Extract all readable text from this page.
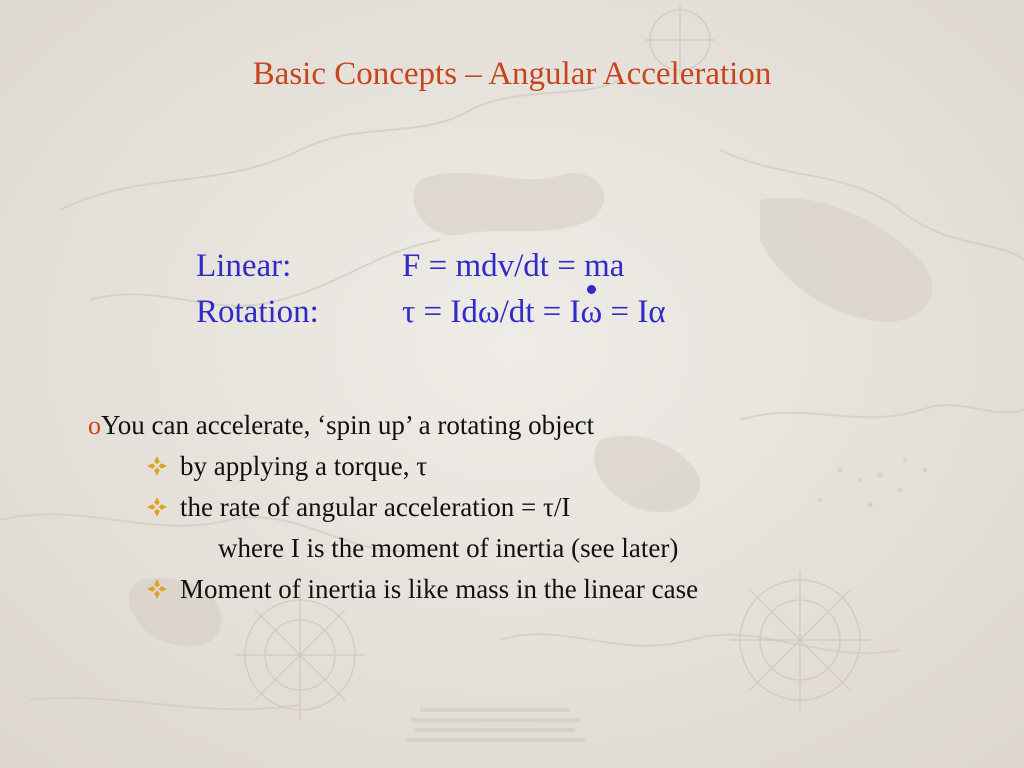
Basic Concepts – Angular Acceleration
Linear:	F = mdv/dt = ma
Rotation:	τ = Idω/dt = Iω = Iα
oYou can accelerate, ‘spin up’ a rotating object
by applying a torque, τ
the rate of angular acceleration = τ/I
where I is the moment of inertia (see later)
Moment of inertia is like mass in the linear case
